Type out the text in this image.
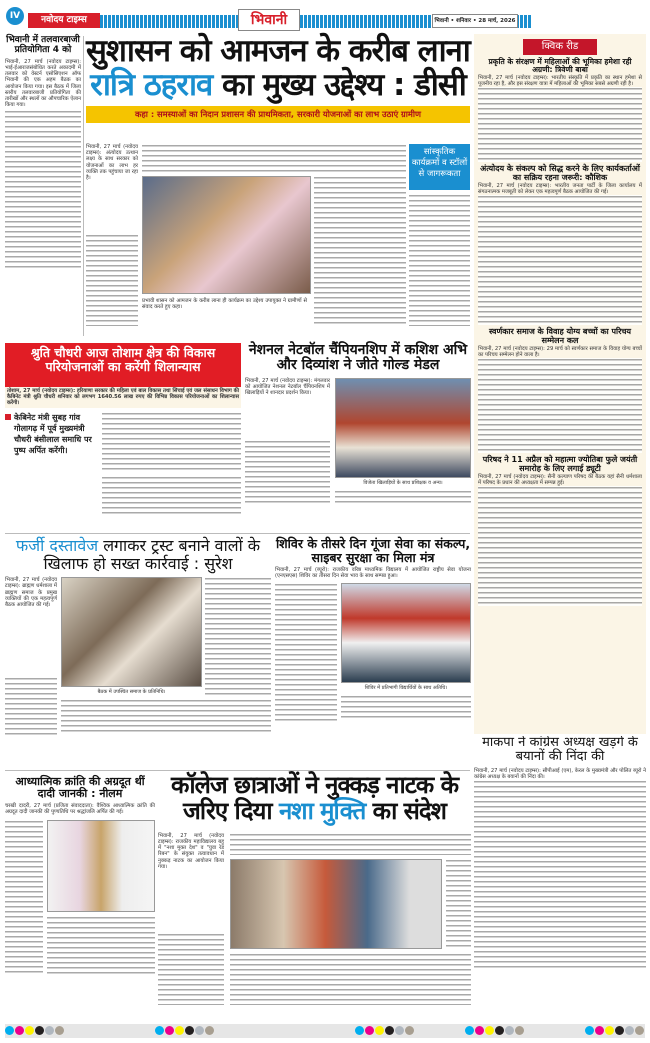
IV	नवोदय टाइम्स	भिवानी	भिवानी • शनिवार • 28 मार्च, 2026
भिवानी में तलवारबाजी प्रतियोगिता 4 को
भिवानी, 27 मार्च (नवोदय टाइम्स): भाई-ईआराजसंबोधित करते अकादमी में तलवार को वेस्टर्न एसोसिएशन ऑफ भिवानी की एक अहम बैठक का आयोजन किया गया। इस बैठक में जिला स्तरीय तलवारबाजी प्रतियोगिता की तारीखों और स्थलों का औपचारिक ऐलान किया गया।
सुशासन को आमजन के करीब लाना
रात्रि ठहराव का मुख्य उद्देश्य : डीसी
कहा : समस्याओं का निदान प्रशासन की प्राथमिकता, सरकारी योजनाओं का लाभ उठाएं ग्रामीण
भिवानी, 27 मार्च (नवोदय टाइम्स): अंत्योदय उत्थान लक्ष्य के साथ सरकार को योजनाओं का लाभ हर व्यक्ति तक पहुंचाया जा रहा है।
प्रभावी शासन को आमजन के करीब लाना ही कार्यक्रम का उद्देश्य उपायुक्त ने ग्रामीणों से संवाद करते हुए कहा।
सांस्कृतिक कार्यक्रमों व स्टॉलों से जागरूकता
क्विक रीड
प्रकृति के संरक्षण में महिलाओं की भूमिका हमेशा रही अग्रणी: त्रिवेणी बाबा
भिवानी, 27 मार्च (नवोदय टाइम्स): भारतीय संस्कृति में प्रकृति का स्थान हमेशा से पूजनीय रहा है, और इस संरक्षण यात्रा में महिलाओं की भूमिका सबसे अग्रणी रही है।
अंत्योदय के संकल्प को सिद्ध करने के लिए कार्यकर्ताओं का सक्रिय रहना जरूरी: कौशिक
भिवानी, 27 मार्च (नवोदय टाइम्स): भारतीय जनता पार्टी के जिला कार्यालय में संगठनात्मक मजबूती को लेकर एक महत्वपूर्ण बैठक आयोजित की गई।
स्वर्णकार समाज के विवाह योग्य बच्चों का परिचय सम्मेलन कल
भिवानी, 27 मार्च (नवोदय टाइम्स): 29 मार्च को स्वर्णकार समाज के विवाह योग्य बच्चों का परिचय सम्मेलन होने वाला है।
परिषद ने 11 अप्रैल को महात्मा ज्योतिबा फुले जयंती समारोह के लिए लगाई ड्यूटी
भिवानी, 27 मार्च (नवोदय टाइम्स): सैनी कल्याण परिषद की बैठक यहां सैनी धर्मशाला में परिषद के प्रधान की अध्यक्षता में सम्पन्न हुई।
श्रुति चौधरी आज तोशाम क्षेत्र की विकास परियोजनाओं का करेंगी शिलान्यास
तोशाम, 27 मार्च (नवोदय टाइम्स): हरियाणा सरकार की महिला एवं बाल विकास तथा सिंचाई एवं जल संसाधन विभाग की कैबिनेट मंत्री श्रुति चौधरी शनिवार को लगभग 1640.56 लाख रुपए की विभिन्न विकास परियोजनाओं का शिलान्यास करेंगी।
केबिनेट मंत्री सुबह गांव गोलागढ़ में पूर्व मुख्यमंत्री चौधरी बंसीलाल समाधि पर पुष्प अर्पित करेंगी।
नेशनल नेटबॉल चैंपियनशिप में कशिश अभि और दिव्यांश ने जीते गोल्ड मेडल
भिवानी, 27 मार्च (नवोदय टाइम्स): मंगलवार को आयोजित नेशनल नेटबॉल चैंपियनशिप में खिलाड़ियों ने शानदार प्रदर्शन किया।
विजेता खिलाड़ियों के साथ प्रशिक्षक व अन्य।
फर्जी दस्तावेज लगाकर ट्रस्ट बनाने वालों के खिलाफ हो सख्त कार्रवाई : सुरेश
भिवानी, 27 मार्च (नवोदय टाइम्स): ब्राह्मण धर्मशाला में ब्राह्मण समाज के प्रमुख व्यक्तियों की एक महत्वपूर्ण बैठक आयोजित की गई।
बैठक में उपस्थित समाज के प्रतिनिधि।
शिविर के तीसरे दिन गूंजा सेवा का संकल्प, साइबर सुरक्षा का मिला मंत्र
भिवानी, 27 मार्च (ब्यूरो): राजकीय वरिष्ठ माध्यमिक विद्यालय में आयोजित राष्ट्रीय सेवा योजना (एनएसएस) शिविर का तीसरा दिन सेवा भाव के साथ सम्पन्न हुआ।
शिविर में प्रतिभागी विद्यार्थियों के साथ अतिथि।
माकपा ने कांग्रेस अध्यक्ष खड़गे के बयानों की निंदा की
भिवानी, 27 मार्च (नवोदय टाइम्स): सीपीआई (एम), केरल के मुख्यमंत्री और पोलित ब्यूरो ने कांग्रेस अध्यक्ष के बयानों की निंदा की।
आध्यात्मिक क्रांति की अग्रदूत थीं दादी जानकी : नीलम
चरखी दादरी, 27 मार्च (प्रजिता संवाददाता): वैश्विक आध्यात्मिक क्रांति की अग्रदूत दादी जानकी की पुण्यतिथि पर श्रद्धांजलि अर्पित की गई।
कॉलेज छात्राओं ने नुक्कड़ नाटक के
जरिए दिया नशा मुक्ति का संदेश
भिवानी, 27 मार्च (नवोदय टाइम्स): राजकीय महाविद्यालय बहु में "नशा मुक्त देश" व "युवा रेड रिबन" के संयुक्त तत्वावधान में नुक्कड़ नाटक का आयोजन किया गया।
